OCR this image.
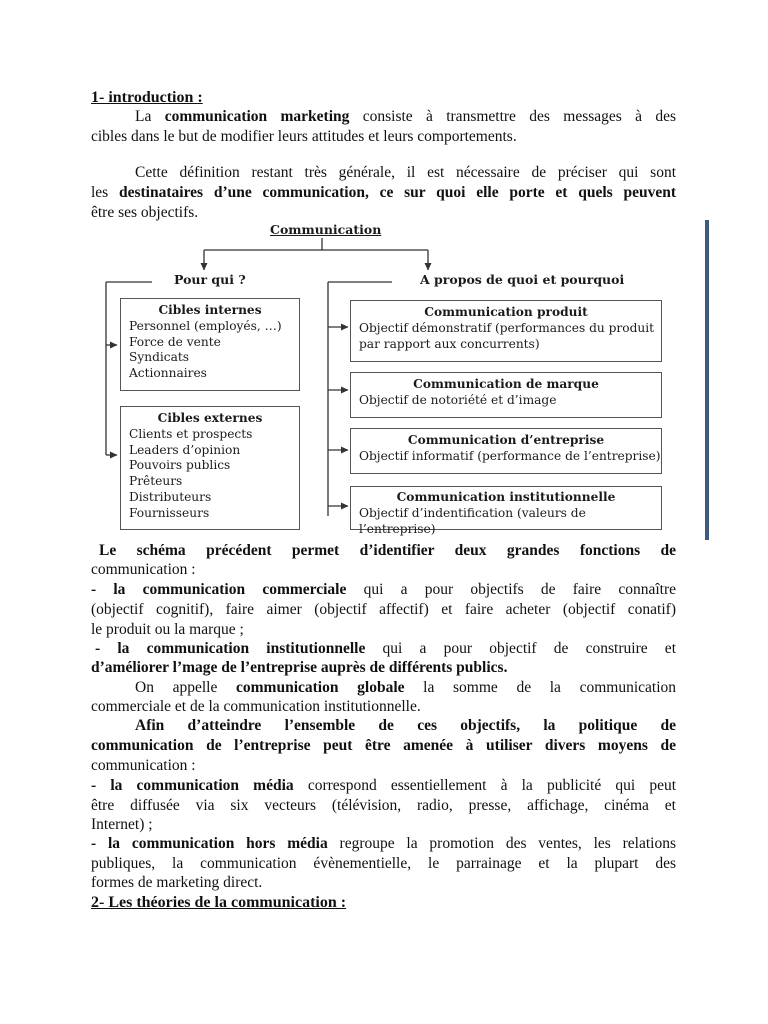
1- introduction :
La communication marketing consiste à transmettre des messages à des
cibles dans le but de modifier leurs attitudes et leurs comportements.
Cette définition restant très générale, il est nécessaire de préciser qui sont
les destinataires d’une communication, ce sur quoi elle porte et quels peuvent
être ses objectifs.
Communication
Pour qui ?	A propos de quoi et pourquoi
Cibles internes
Personnel (employés, …)
Force de vente
Syndicats
Actionnaires
Cibles externes
Clients et prospects
Leaders d’opinion
Pouvoirs publics
Prêteurs
Distributeurs
Fournisseurs
Communication produit
Objectif démonstratif (performances du produit
par rapport aux concurrents)
Communication de marque
Objectif de notoriété et d’image
Communication d’entreprise
Objectif informatif (performance de l’entreprise)
Communication institutionnelle
Objectif d’indentification (valeurs de l’entreprise)
Le schéma précédent permet d’identifier deux grandes fonctions de
communication :
- la communication commerciale qui a pour objectifs de faire connaître
(objectif cognitif), faire aimer (objectif affectif) et faire acheter (objectif conatif)
le produit ou la marque ;
- la communication institutionnelle qui a pour objectif de construire et
d’améliorer l’mage de l’entreprise auprès de différents publics.
On appelle communication globale la somme de la communication
commerciale et de la communication institutionnelle.
Afin d’atteindre l’ensemble de ces objectifs, la politique de
communication de l’entreprise peut être amenée à utiliser divers moyens de
communication :
- la communication média correspond essentiellement à la publicité qui peut
être diffusée via six vecteurs (télévision, radio, presse, affichage, cinéma et
Internet) ;
- la communication hors média regroupe la promotion des ventes, les relations
publiques, la communication évènementielle, le parrainage et la plupart des
formes de marketing direct.
2- Les théories de la communication :
